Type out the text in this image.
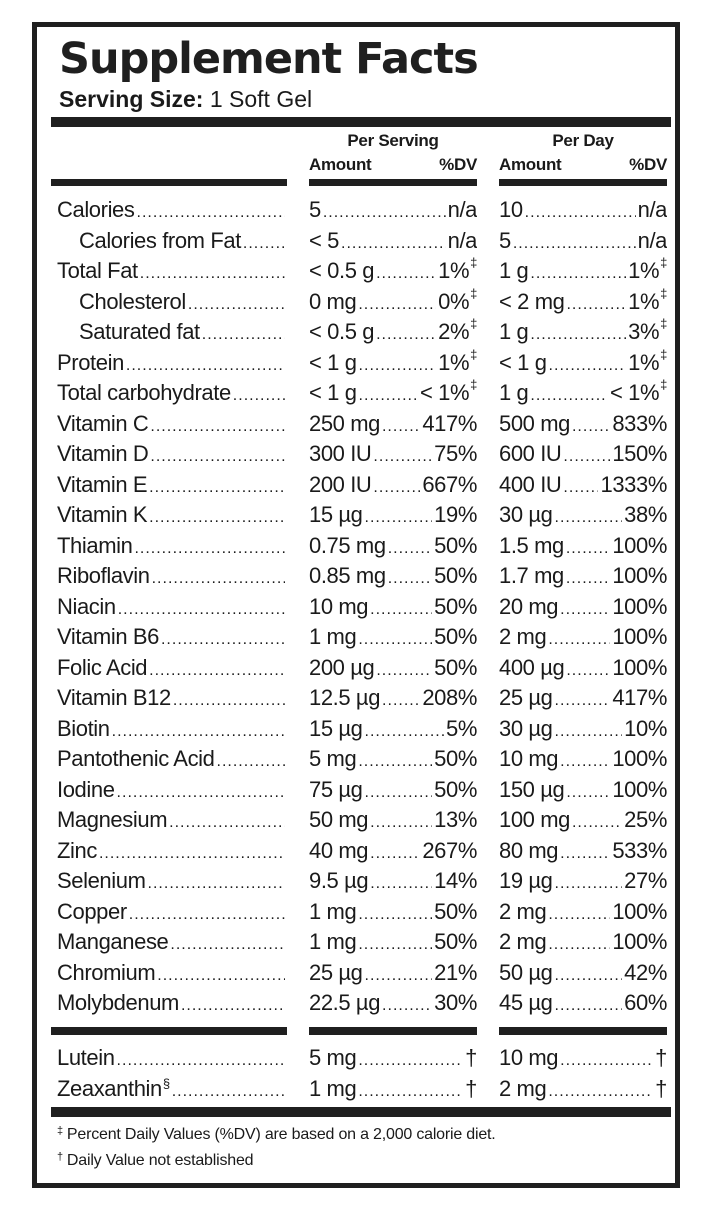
Supplement Facts
Serving Size: 1 Soft Gel
Per Serving	Per Day
Amount	%DV Amount	%DV
Calories .....	5 .....	n/a 10 .....	n/a
Calories from Fat .....	< 5 .....	n/a 5 .....	n/a
Total Fat .....	< 0.5 g .....	1%‡ 1 g .....	1%‡
Cholesterol .....	0 mg .....	0%‡ < 2 mg .....	1%‡
Saturated fat .....	< 0.5 g .....	2%‡ 1 g .....	3%‡
Protein .....	< 1 g .....	1%‡ < 1 g .....	1%‡
Total carbohydrate .....	< 1 g .....	< 1%‡ 1 g .....	< 1%‡
Vitamin C .....	250 mg ..... 417% 500 mg ..... 833%
Vitamin D .....	300 IU .....	75% 600 IU ..... 150%
Vitamin E .....	200 IU ..... 667% 400 IU ..... 1333%
Vitamin K .....	15 µg .....	19% 30 µg .....	38%
Thiamin .....	0.75 mg ..... 50% 1.5 mg ..... 100%
Riboflavin .....	0.85 mg ..... 50% 1.7 mg ..... 100%
Niacin .....	10 mg .....	50% 20 mg ..... 100%
Vitamin B6 .....	1 mg .....	50% 2 mg .....	100%
Folic Acid .....	200 µg .....	50% 400 µg ..... 100%
Vitamin B12 .....	12.5 µg ..... 208% 25 µg .....	417%
Biotin .....	15 µg .....	5% 30 µg .....	10%
Pantothenic Acid .....	5 mg .....	50% 10 mg ..... 100%
Iodine .....	75 µg .....	50% 150 µg ..... 100%
Magnesium .....	50 mg .....	13% 100 mg ..... 25%
Zinc .....	40 mg ..... 267% 80 mg ..... 533%
Selenium .....	9.5 µg .....	14% 19 µg .....	27%
Copper .....	1 mg .....	50% 2 mg .....	100%
Manganese .....	1 mg .....	50% 2 mg .....	100%
Chromium .....	25 µg .....	21% 50 µg .....	42%
Molybdenum .....	22.5 µg ..... 30% 45 µg .....	60%
Lutein .....	5 mg .....	† 10 mg .....	†
Zeaxanthin § .....	1 mg .....	† 2 mg .....	†
‡ Percent Daily Values (%DV) are based on a 2,000 calorie diet.
† Daily Value not established
